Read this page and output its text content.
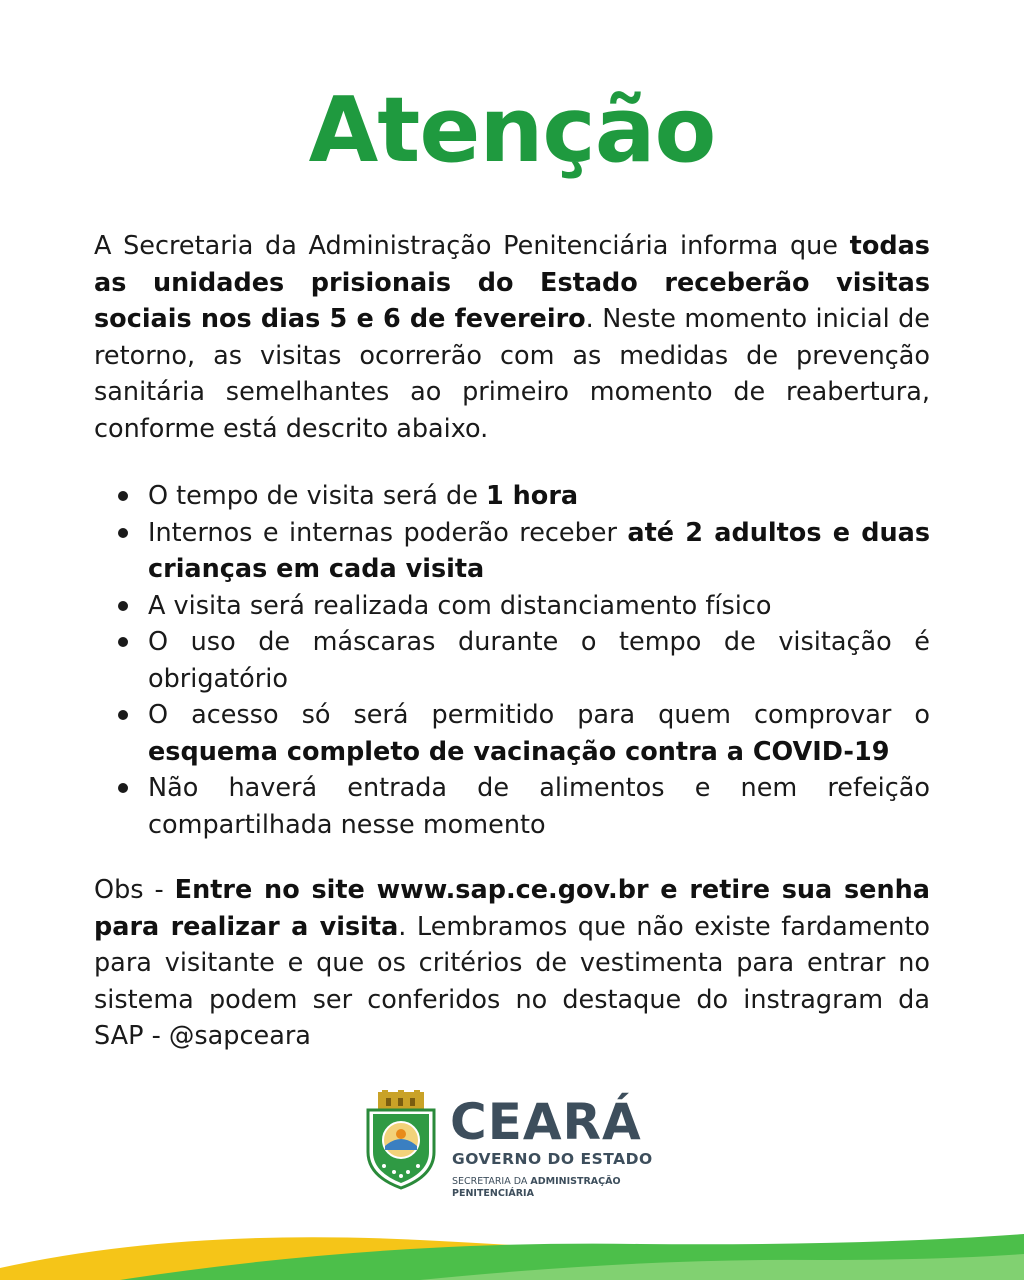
Atenção

A Secretaria da Administração Penitenciária informa que todas as unidades prisionais do Estado receberão visitas sociais nos dias 5 e 6 de fevereiro. Neste momento inicial de retorno, as visitas ocorrerão com as medidas de prevenção sanitária semelhantes ao primeiro momento de reabertura, conforme está descrito abaixo.

O tempo de visita será de 1 hora
Internos e internas poderão receber até 2 adultos e duas crianças em cada visita
A visita será realizada com distanciamento físico
O uso de máscaras durante o tempo de visitação é obrigatório
O acesso só será permitido para quem comprovar o esquema completo de vacinação contra a COVID-19
Não haverá entrada de alimentos e nem refeição compartilhada nesse momento

Obs - Entre no site www.sap.ce.gov.br e retire sua senha para realizar a visita. Lembramos que não existe fardamento para visitante e que os critérios de vestimenta para entrar no sistema podem ser conferidos no destaque do instragram da SAP - @sapceara

CEARÁ

GOVERNO DO ESTADO

SECRETARIA DA ADMINISTRAÇÃO
PENITENCIÁRIA
